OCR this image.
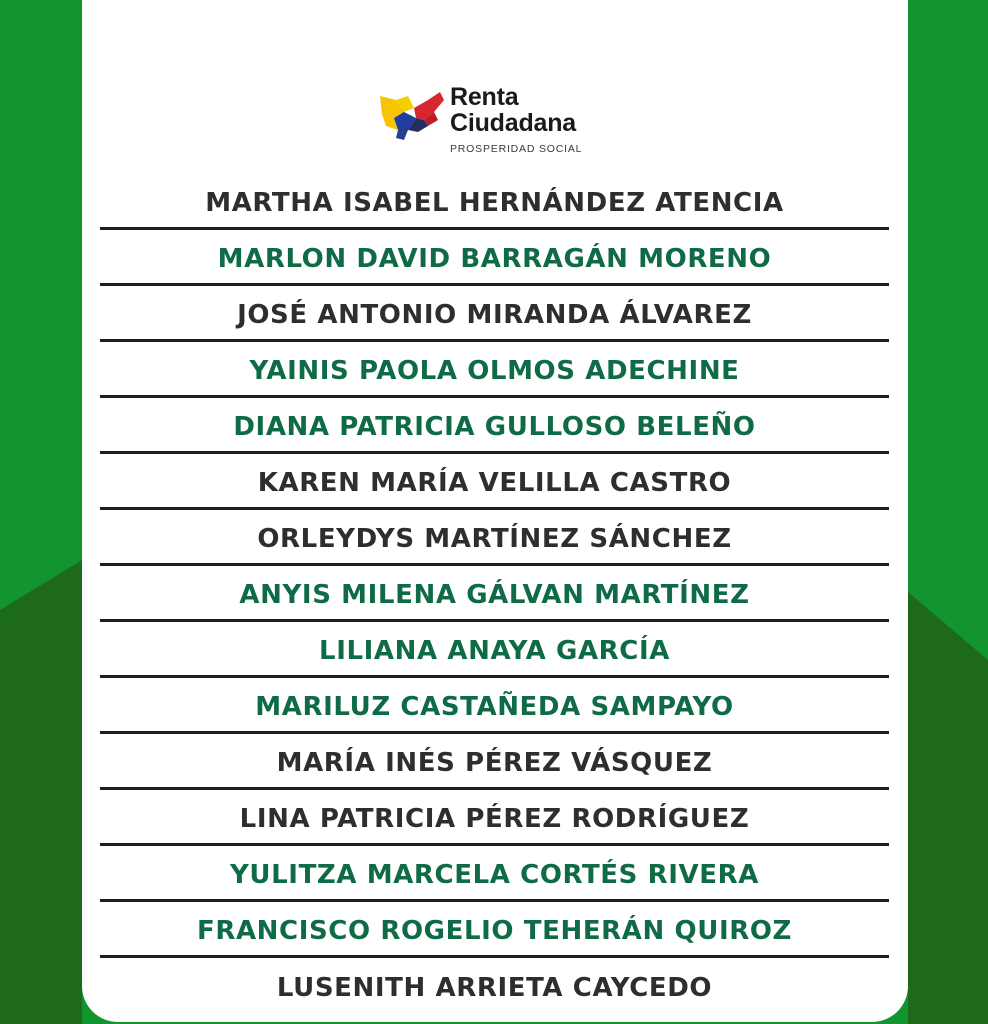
Renta
Ciudadana
PROSPERIDAD SOCIAL
MARTHA ISABEL HERNÁNDEZ ATENCIA
MARLON DAVID BARRAGÁN MORENO
JOSÉ ANTONIO MIRANDA ÁLVAREZ
YAINIS PAOLA OLMOS ADECHINE
DIANA PATRICIA GULLOSO BELEÑO
KAREN MARÍA VELILLA CASTRO
ORLEYDYS MARTÍNEZ SÁNCHEZ
ANYIS MILENA GÁLVAN MARTÍNEZ
LILIANA ANAYA GARCÍA
MARILUZ CASTAÑEDA SAMPAYO
MARÍA INÉS PÉREZ VÁSQUEZ
LINA PATRICIA PÉREZ RODRÍGUEZ
YULITZA MARCELA CORTÉS RIVERA
FRANCISCO ROGELIO TEHERÁN QUIROZ
LUSENITH ARRIETA CAYCEDO
